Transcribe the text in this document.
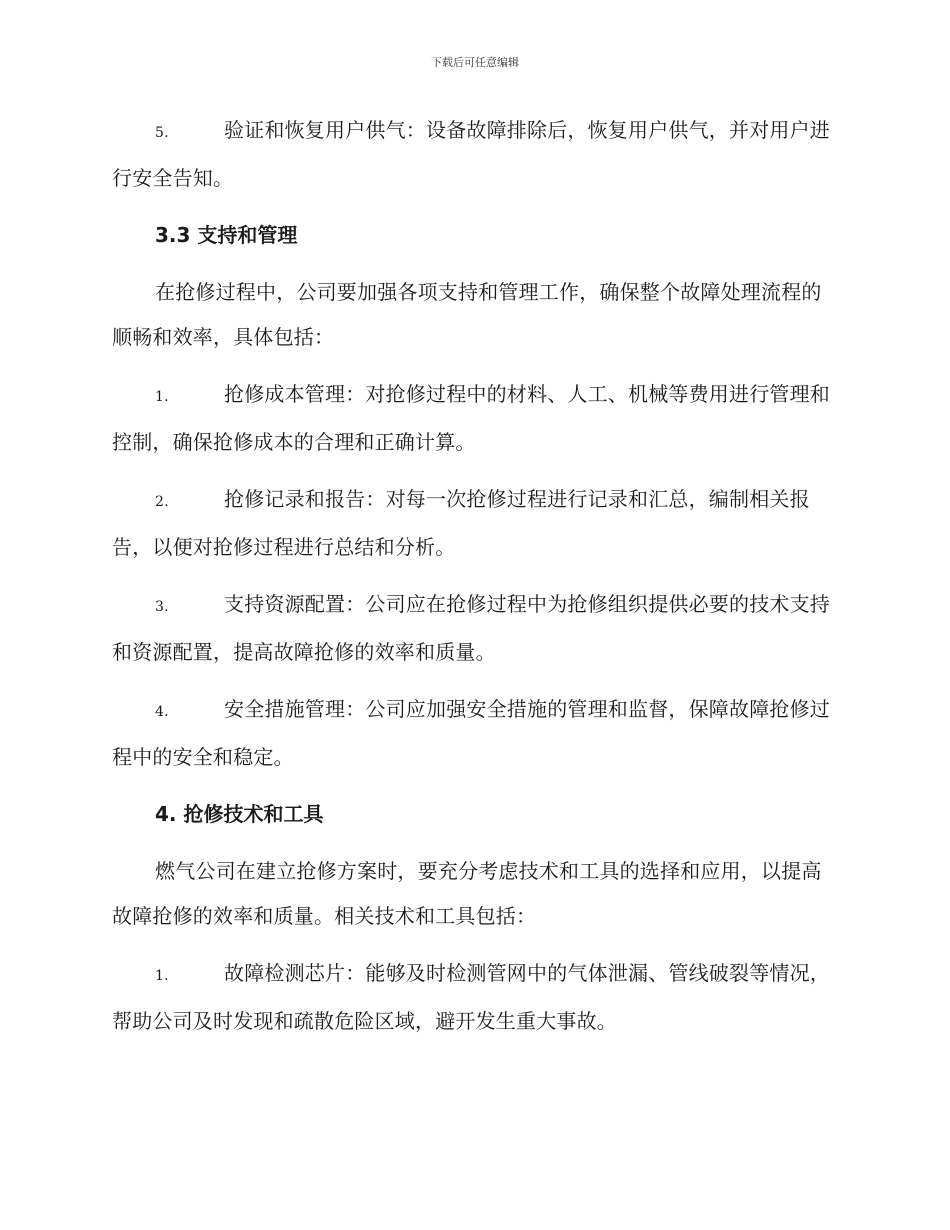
下载后可任意编辑

5.	验证和恢复用户供气：设备故障排除后，恢复用户供气，并对用户进行安全告知。

3.3 支持和管理

在抢修过程中，公司要加强各项支持和管理工作，确保整个故障处理流程的顺畅和效率，具体包括：

1.	抢修成本管理：对抢修过程中的材料、人工、机械等费用进行管理和控制，确保抢修成本的合理和正确计算。

2.	抢修记录和报告：对每一次抢修过程进行记录和汇总，编制相关报告，以便对抢修过程进行总结和分析。

3.	支持资源配置：公司应在抢修过程中为抢修组织提供必要的技术支持和资源配置，提高故障抢修的效率和质量。

4.	安全措施管理：公司应加强安全措施的管理和监督，保障故障抢修过程中的安全和稳定。

4. 抢修技术和工具

燃气公司在建立抢修方案时，要充分考虑技术和工具的选择和应用，以提高故障抢修的效率和质量。相关技术和工具包括：

1.	故障检测芯片：能够及时检测管网中的气体泄漏、管线破裂等情况，帮助公司及时发现和疏散危险区域，避开发生重大事故。
